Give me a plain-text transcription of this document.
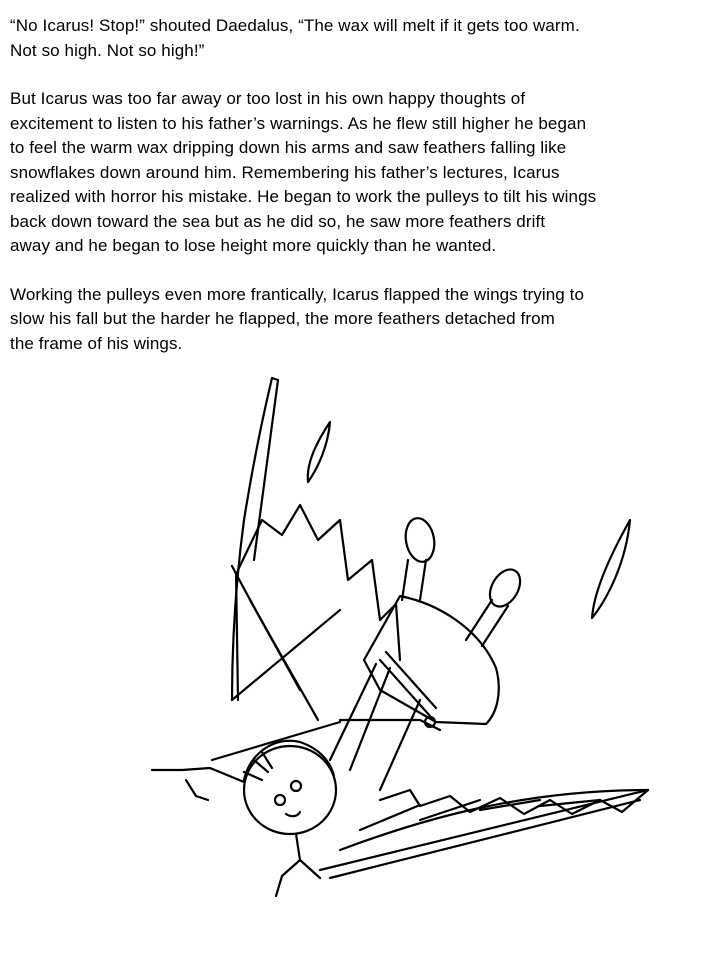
“No Icarus! Stop!” shouted Daedalus, “The wax will melt if it gets too warm.
Not so high. Not so high!”

But Icarus was too far away or too lost in his own happy thoughts of
excitement to listen to his father’s warnings. As he flew still higher he began
to feel the warm wax dripping down his arms and saw feathers falling like
snowflakes down around him. Remembering his father’s lectures, Icarus
realized with horror his mistake. He began to work the pulleys to tilt his wings
back down toward the sea but as he did so, he saw more feathers drift
away and he began to lose height more quickly than he wanted.

Working the pulleys even more frantically, Icarus flapped the wings trying to
slow his fall but the harder he flapped, the more feathers detached from
the frame of his wings.
